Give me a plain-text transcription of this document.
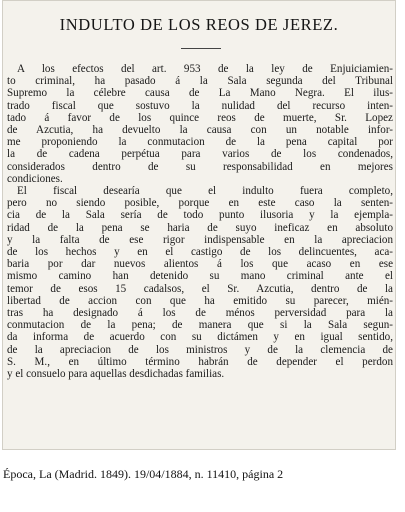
INDULTO DE LOS REOS DE JEREZ.
A los efectos del art. 953 de la ley de Enjuiciamien-
to criminal, ha pasado á la Sala segunda del Tribunal
Supremo la célebre causa de La Mano Negra. El ilus-
trado fiscal que sostuvo la nulidad del recurso inten-
tado á favor de los quince reos de muerte, Sr. Lopez
de Azcutia, ha devuelto la causa con un notable infor-
me proponiendo la conmutacion de la pena capital por
la de cadena perpétua para varios de los condenados,
considerados dentro de su responsabilidad en mejores
condiciones.
El fiscal desearía que el indulto fuera completo,
pero no siendo posible, porque en este caso la senten-
cia de la Sala sería de todo punto ilusoria y la ejempla-
ridad de la pena se haria de suyo ineficaz en absoluto
y la falta de ese rigor indispensable en la apreciacion
de los hechos y en el castigo de los delincuentes, aca-
baria por dar nuevos alientos á los que acaso en ese
mismo camino han detenido su mano criminal ante el
temor de esos 15 cadalsos, el Sr. Azcutia, dentro de la
libertad de accion con que ha emitido su parecer, mién-
tras ha designado á los de ménos perversidad para la
conmutacion de la pena; de manera que si la Sala segun-
da informa de acuerdo con su dictámen y en igual sentido,
de la apreciacion de los ministros y de la clemencia de
S. M., en último término habrán de depender el perdon
y el consuelo para aquellas desdichadas familias.
Época, La (Madrid. 1849). 19/04/1884, n. 11410, página 2
